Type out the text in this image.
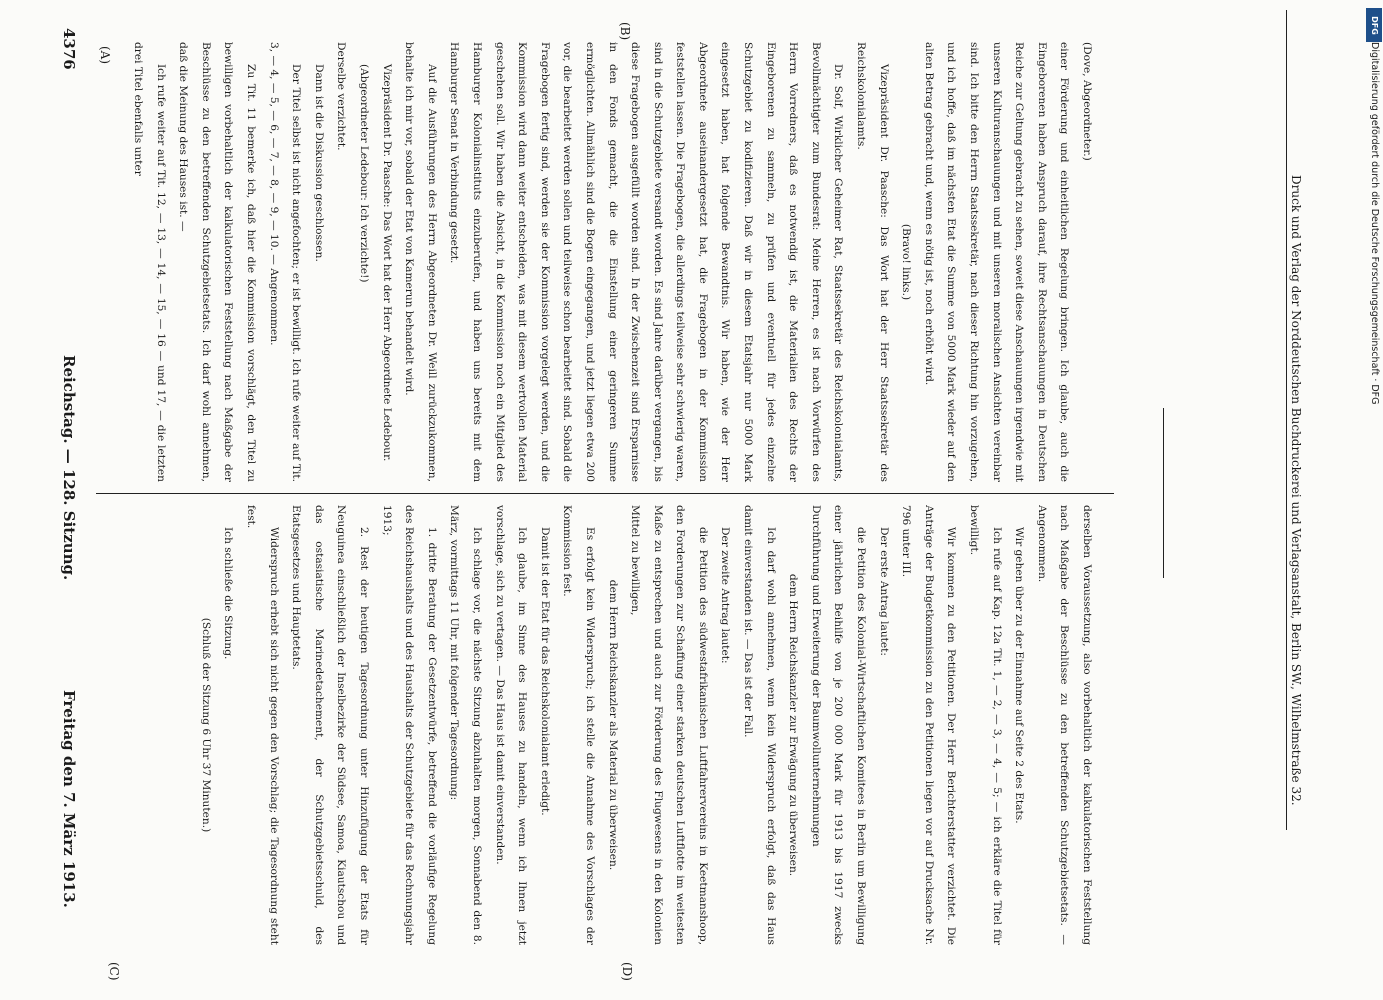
4376
Reichstag. — 128. Sitzung.
Freitag den 7. März 1913.
(A)
(B)
(C)	(D)

(Dove, Abgeordneter.)

einer Förderung und einheitlichen Regelung bringen. Ich glaube, auch die Eingeborenen haben Anspruch darauf, ihre Rechtsanschauungen in Deutschen Reiche zur Geltung gebracht zu sehen, soweit diese Anschauungen irgendwie mit unseren Kulturanschauungen und mit unseren moralischen Ansichten vereinbar sind. Ich bitte den Herrn Staatssekretär, nach dieser Richtung hin vorzugehen, und ich hoffe, daß im nächsten Etat die Summe von 5000 Mark wieder auf den alten Betrag gebracht und, wenn es nötig ist, noch erhöht wird.

(Bravo! links.)

Vizepräsident Dr. Paasche: Das Wort hat der Herr Staatssekretär des Reichskolonialamts.

Dr. Solf, Wirklicher Geheimer Rat, Staatssekretär des Reichskolonialamts, Bevollmächtigter zum Bundesrat: Meine Herren, es ist nach Vorwürfen des Herrn Vorredners, daß es notwendig ist, die Materialien des Rechts der Eingeborenen zu sammeln, zu prüfen und eventuell für jedes einzelne Schutzgebiet zu kodifizieren. Daß wir in diesem Etatsjahr nur 5000 Mark eingesetzt haben, hat folgende Bewandtnis. Wir haben, wie der Herr Abgeordnete auseinandergesetzt hat, die Fragebogen in der Kommission feststellen lassen. Die Fragebogen, die allerdings teilweise sehr schwierig waren, sind in die Schutzgebiete versandt worden. Es sind Jahre darüber vergangen, bis diese Fragebogen ausgefüllt worden sind. In der Zwischenzeit sind Ersparnisse in den Fonds gemacht, die die Einstellung einer geringeren Summe ermöglichten. Allmählich sind die Bogen eingegangen, und jetzt liegen etwa 200 vor, die bearbeitet werden sollen und teilweise schon bearbeitet sind. Sobald die Fragebogen fertig sind, werden sie der Kommission vorgelegt werden, und die Kommission wird dann weiter entscheiden, was mit diesem wertvollen Material geschehen soll. Wir haben die Absicht, in die Kommission noch ein Mitglied des Hamburger Kolonialinstituts einzuberufen, und haben uns bereits mit dem Hamburger Senat in Verbindung gesetzt.

Auf die Ausführungen des Herrn Abgeordneten Dr. Weill zurückzukommen, behalte ich mir vor, sobald der Etat von Kamerun behandelt wird.

Vizepräsident Dr. Paasche: Das Wort hat der Herr Abgeordnete Ledebour.

(Abgeordneter Ledebour: Ich verzichte!)

Derselbe verzichtet.

Dann ist die Diskussion geschlossen.

Der Titel selbst ist nicht angefochten; er ist bewilligt. Ich rufe weiter auf Tit. 3, — 4, — 5, — 6, — 7, — 8, — 9, — 10. — Angenommen.

Zu Tit. 11 bemerke ich, daß hier die Kommission vorschlägt, den Titel zu bewilligen vorbehaltlich der kalkulatorischen Feststellung nach Maßgabe der Beschlüsse zu den betreffenden Schutzgebietsetats. Ich darf wohl annehmen, daß die Meinung des Hauses ist. —

Ich rufe weiter auf Tit. 12, — 13, — 14, — 15, — 16 — und 17, — die letzten drei Titel ebenfalls unter

derselben Voraussetzung, also vorbehaltlich der kalkulatorischen Feststellung nach Maßgabe der Beschlüsse zu den betreffenden Schutzgebietsetats. — Angenommen.

Wir gehen über zu der Einnahme auf Seite 2 des Etats.

Ich rufe auf Kap. 12a Tit. 1, — 2, — 3, — 4, — 5; — ich erkläre die Titel für bewilligt.

Wir kommen zu den Petitionen. Der Herr Berichterstatter verzichtet. Die Anträge der Budgetkommission zu den Petitionen liegen vor auf Drucksache Nr. 796 unter III.

Der erste Antrag lautet:

die Petition des Kolonial-Wirtschaftlichen Komitees in Berlin um Bewilligung einer jährlichen Beihilfe von je 200 000 Mark für 1913 bis 1917 zwecks Durchführung und Erweiterung der Baumwollunternehmungen

dem Herrn Reichskanzler zur Erwägung zu überweisen.

Ich darf wohl annehmen, wenn kein Widerspruch erfolgt, daß das Haus damit einverstanden ist. — Das ist der Fall.

Der zweite Antrag lautet:

die Petition des südwestafrikanischen Luftfahrervereins in Keetmanshoop, den Forderungen zur Schaffung einer starken deutschen Luftflotte im weitesten Maße zu entsprechen und auch zur Förderung des Flugwesens in den Kolonien Mittel zu bewilligen,

dem Herrn Reichskanzler als Material zu überweisen.

Es erfolgt kein Widerspruch; ich stelle die Annahme des Vorschlages der Kommission fest.

Damit ist der Etat für das Reichskolonialamt erledigt.

Ich glaube, im Sinne des Hauses zu handeln, wenn ich Ihnen jetzt vorschlage, sich zu vertagen. — Das Haus ist damit einverstanden.

Ich schlage vor, die nächste Sitzung abzuhalten morgen, Sonnabend den 8. März, vormittags 11 Uhr, mit folgender Tagesordnung:

1. dritte Beratung der Gesetzentwürfe, betreffend die vorläufige Regelung des Reichshaushalts und des Haushalts der Schutzgebiete für das Rechnungsjahr 1913;

2. Rest der heutigen Tagesordnung unter Hinzufügung der Etats für Neuguinea einschließlich der Inselbezirke der Südsee, Samoa, Kiautschou und das ostasiatische Marinedetachement, der Schutzgebietsschuld, des Etatsgesetzes und Hauptetats.

Widerspruch erhebt sich nicht gegen den Vorschlag; die Tagesordnung steht fest.

Ich schließe die Sitzung.

(Schluß der Sitzung 6 Uhr 37 Minuten.)	Druck und Verlag der Norddeutschen Buchdruckerei und Verlagsanstalt, Berlin SW., Wilhelmstraße 32.	Digitalisierung gefördert durch die Deutsche Forschungsgemeinschaft · DFG
DFG
